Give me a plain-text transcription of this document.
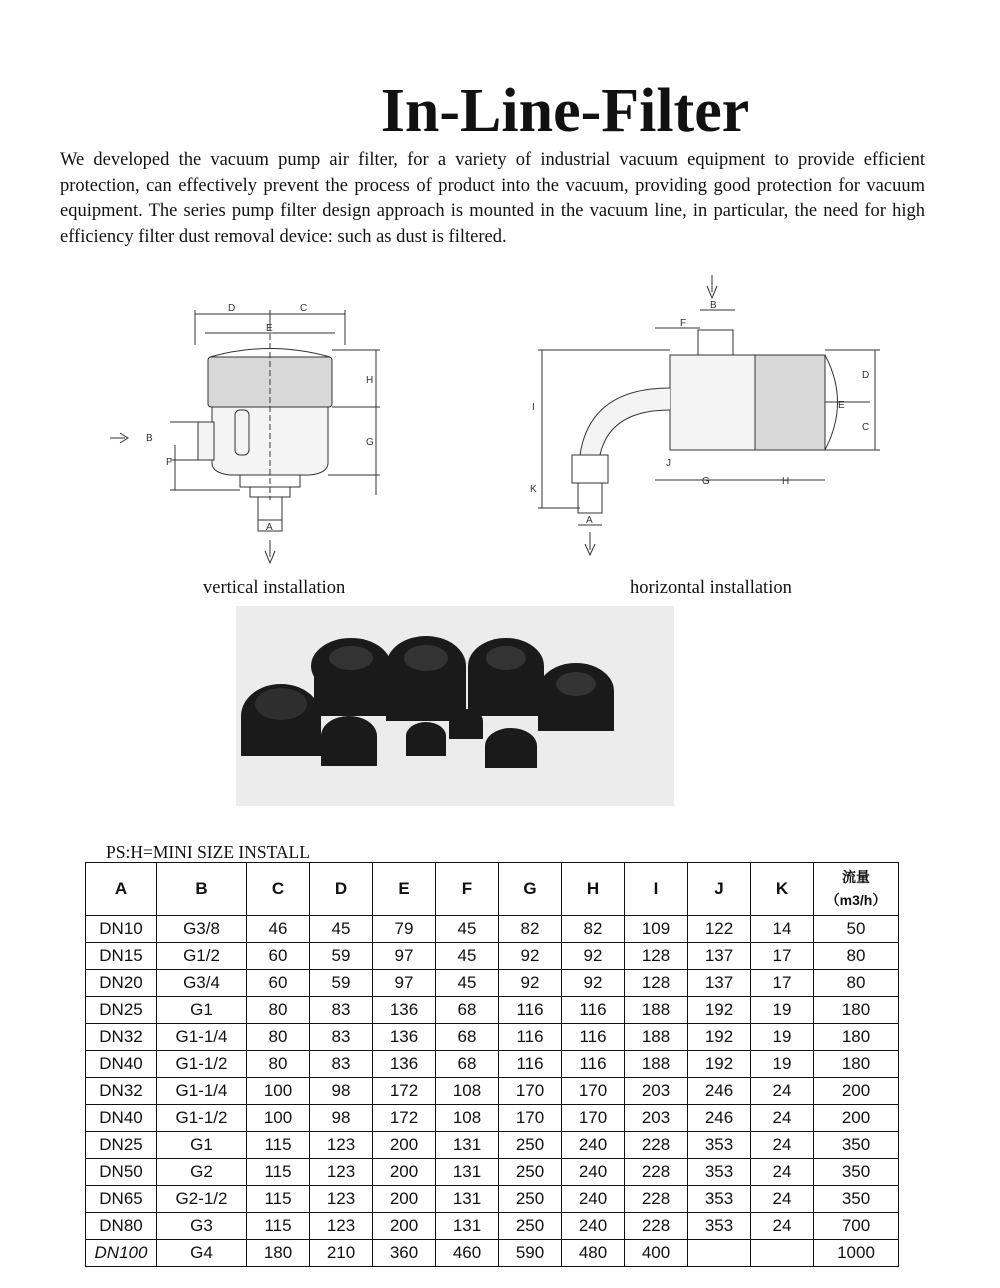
In-Line-Filter
We developed the vacuum pump air filter, for a variety of industrial vacuum equipment to provide efficient protection, can effectively prevent the process of product into the vacuum, providing good protection for vacuum equipment. The series pump filter design approach is mounted in the vacuum line, in particular, the need for high efficiency filter dust removal device: such as dust is filtered.
D	C
E
H
G
B
F
A
B
F
I
D
E
C
J
G	H
K
A
vertical installation	horizontal installation
PS:H=MINI SIZE INSTALL
A	B	C	D	E	F	G	H	I	J	K	流量
（m3/h）

DN10	G3/8	46	45	79	45	82	82	109	122	14	50
DN15	G1/2	60	59	97	45	92	92	128	137	17	80
DN20	G3/4	60	59	97	45	92	92	128	137	17	80
DN25	G1	80	83	136	68	116	116	188	192	19	180
DN32	G1-1/4	80	83	136	68	116	116	188	192	19	180
DN40	G1-1/2	80	83	136	68	116	116	188	192	19	180
DN32	G1-1/4	100	98	172	108	170	170	203	246	24	200
DN40	G1-1/2	100	98	172	108	170	170	203	246	24	200
DN25	G1	115	123	200	131	250	240	228	353	24	350
DN50	G2	115	123	200	131	250	240	228	353	24	350
DN65	G2-1/2	115	123	200	131	250	240	228	353	24	350
DN80	G3	115	123	200	131	250	240	228	353	24	700
DN100	G4	180	210	360	460	590	480	400			1000
